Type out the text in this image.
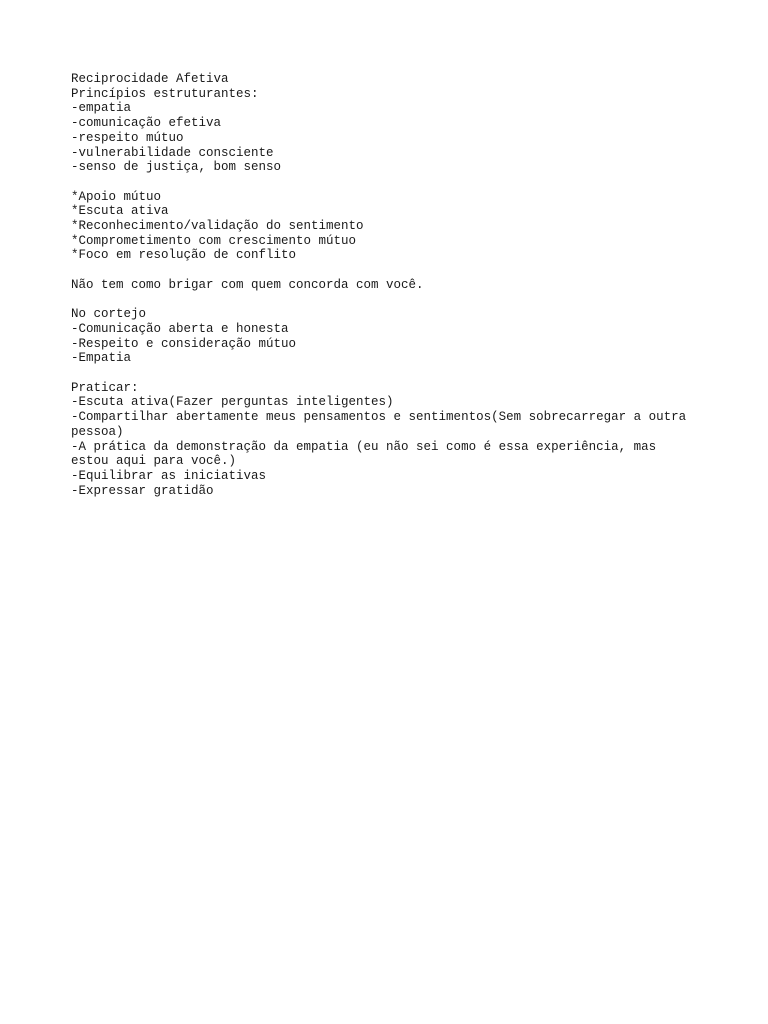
Reciprocidade Afetiva
Princípios estruturantes:
-empatia
-comunicação efetiva
-respeito mútuo
-vulnerabilidade consciente
-senso de justiça, bom senso
*Apoio mútuo
*Escuta ativa
*Reconhecimento/validação do sentimento
*Comprometimento com crescimento mútuo
*Foco em resolução de conflito
Não tem como brigar com quem concorda com você.
No cortejo
-Comunicação aberta e honesta
-Respeito e consideração mútuo
-Empatia
Praticar:
-Escuta ativa(Fazer perguntas inteligentes)
-Compartilhar abertamente meus pensamentos e sentimentos(Sem sobrecarregar a outra
pessoa)
-A prática da demonstração da empatia (eu não sei como é essa experiência, mas
estou aqui para você.)
-Equilibrar as iniciativas
-Expressar gratidão
